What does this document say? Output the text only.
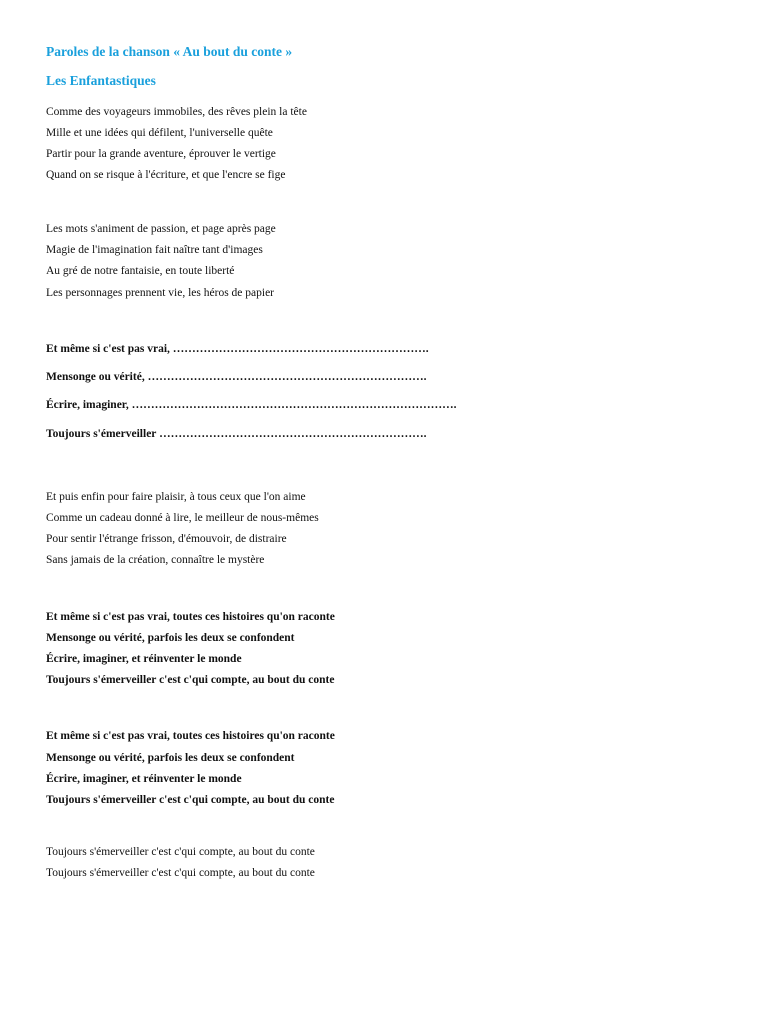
Paroles de la chanson « Au bout du conte »
Les Enfantastiques
Comme des voyageurs immobiles, des rêves plein la tête
Mille et une idées qui défilent, l'universelle quête
Partir pour la grande aventure, éprouver le vertige
Quand on se risque à l'écriture, et que l'encre se fige
Les mots s'animent de passion, et page après page
Magie de l'imagination fait naître tant d'images
Au gré de notre fantaisie, en toute liberté
Les personnages prennent vie, les héros de papier
Et même si c'est pas vrai, ………………………………………………………….
Mensonge ou vérité, ……………………………………………………………….
Écrire, imaginer, ………………………………………………………………………….
Toujours s'émerveiller …………………………………………………………….
Et puis enfin pour faire plaisir, à tous ceux que l'on aime
Comme un cadeau donné à lire, le meilleur de nous-mêmes
Pour sentir l'étrange frisson, d'émouvoir, de distraire
Sans jamais de la création, connaître le mystère
Et même si c'est pas vrai, toutes ces histoires qu'on raconte
Mensonge ou vérité, parfois les deux se confondent
Écrire, imaginer, et réinventer le monde
Toujours s'émerveiller c'est c'qui compte, au bout du conte
Et même si c'est pas vrai, toutes ces histoires qu'on raconte
Mensonge ou vérité, parfois les deux se confondent
Écrire, imaginer, et réinventer le monde
Toujours s'émerveiller c'est c'qui compte, au bout du conte
Toujours s'émerveiller c'est c'qui compte, au bout du conte
Toujours s'émerveiller c'est c'qui compte, au bout du conte
